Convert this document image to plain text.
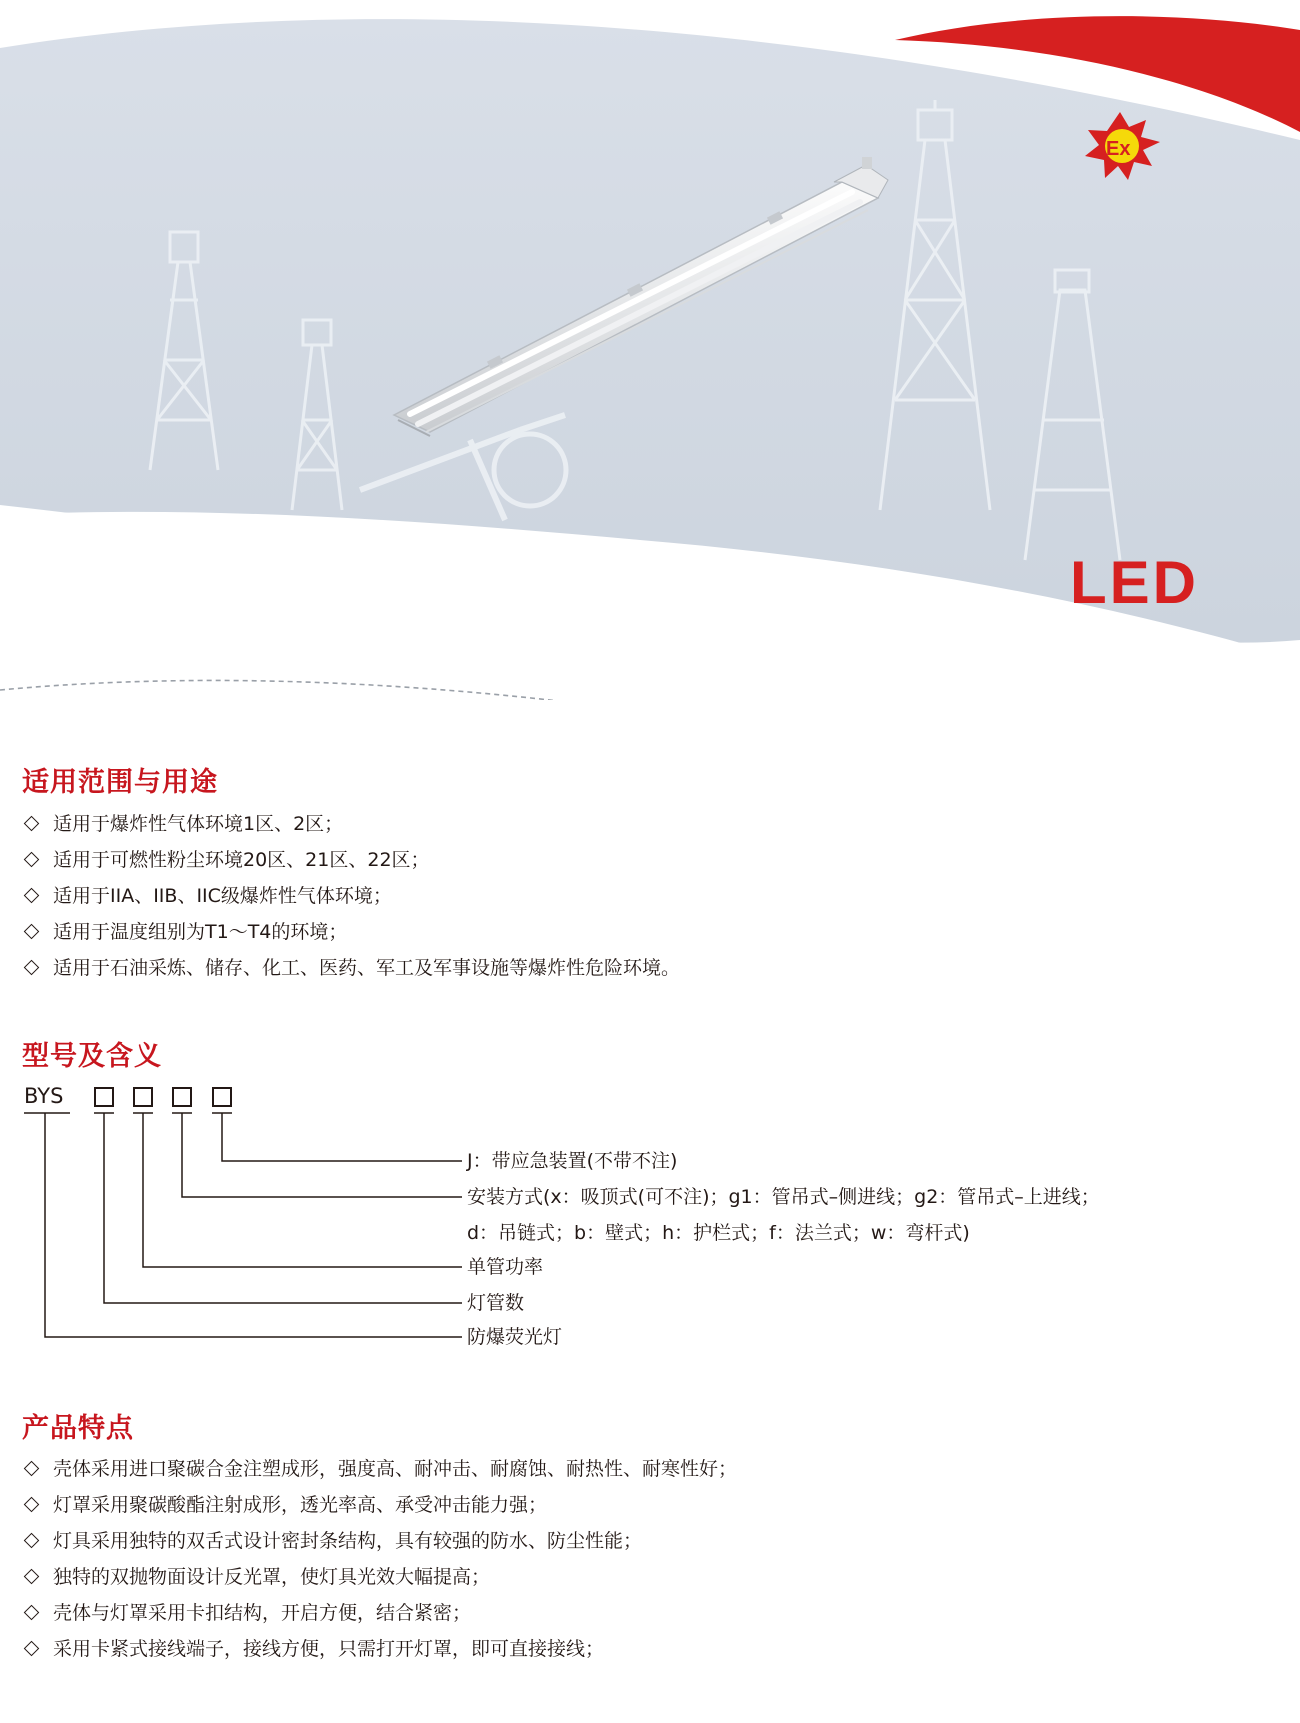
Ex
LED
适用范围与用途
适用于爆炸性气体环境1区、2区；
适用于可燃性粉尘环境20区、21区、22区；
适用于IIA、IIB、IIC级爆炸性气体环境；
适用于温度组别为T1～T4的环境；
适用于石油采炼、储存、化工、医药、军工及军事设施等爆炸性危险环境。
型号及含义
BYS
J：带应急装置(不带不注)
安装方式(x：吸顶式(可不注)；g1：管吊式–侧进线；g2：管吊式–上进线；
d：吊链式；b：壁式；h：护栏式；f：法兰式；w：弯杆式)
单管功率
灯管数
防爆荧光灯
产品特点
壳体采用进口聚碳合金注塑成形，强度高、耐冲击、耐腐蚀、耐热性、耐寒性好；
灯罩采用聚碳酸酯注射成形，透光率高、承受冲击能力强；
灯具采用独特的双舌式设计密封条结构，具有较强的防水、防尘性能；
独特的双抛物面设计反光罩，使灯具光效大幅提高；
壳体与灯罩采用卡扣结构，开启方便，结合紧密；
采用卡紧式接线端子，接线方便，只需打开灯罩，即可直接接线；
